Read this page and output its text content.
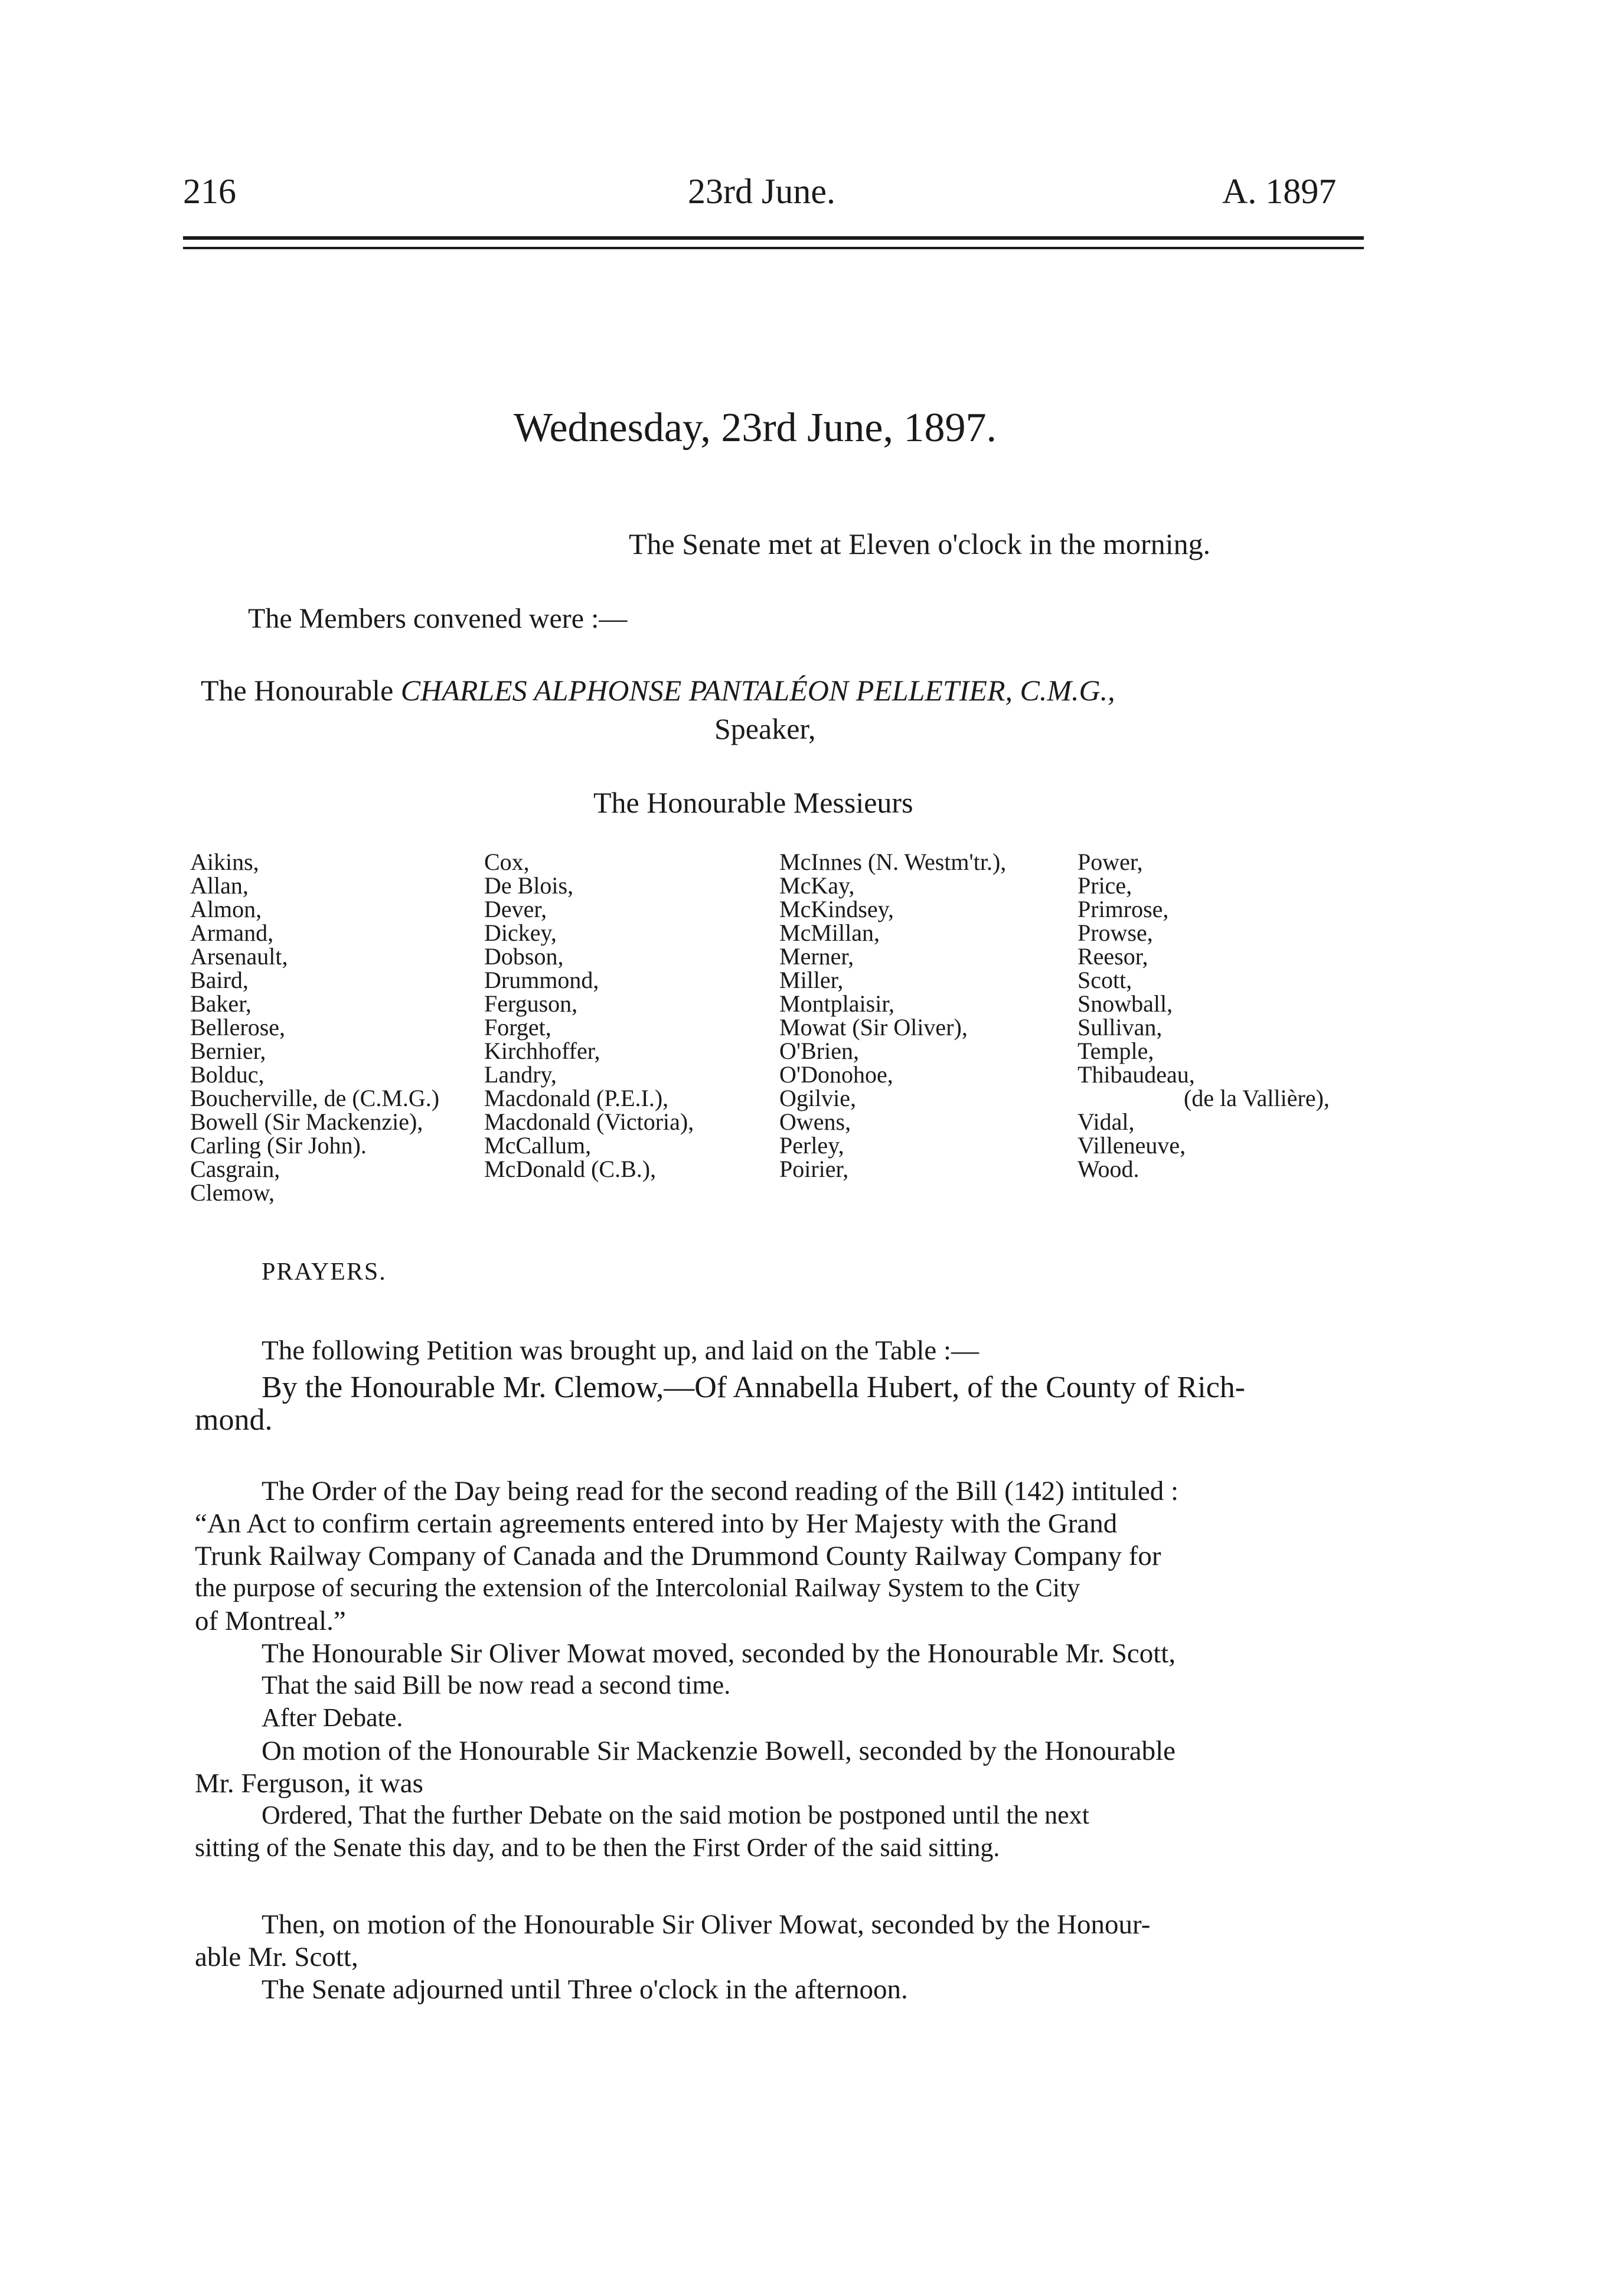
216	23rd June.	A. 1897
Wednesday, 23rd June, 1897.
The Senate met at Eleven o'clock in the morning.
The Members convened were :—
The Honourable CHARLES ALPHONSE PANTALÉON PELLETIER, C.M.G.,
Speaker,
The Honourable Messieurs
Aikins,
Allan,
Almon,
Armand,
Arsenault,
Baird,
Baker,
Bellerose,
Bernier,
Bolduc,
Boucherville, de (C.M.G.)
Bowell (Sir Mackenzie),
Carling (Sir John).
Casgrain,
Clemow,
Cox,
De Blois,
Dever,
Dickey,
Dobson,
Drummond,
Ferguson,
Forget,
Kirchhoffer,
Landry,
Macdonald (P.E.I.),
Macdonald (Victoria),
McCallum,
McDonald (C.B.),
McInnes (N. Westm'tr.),
McKay,
McKindsey,
McMillan,
Merner,
Miller,
Montplaisir,
Mowat (Sir Oliver),
O'Brien,
O'Donohoe,
Ogilvie,
Owens,
Perley,
Poirier,
Power,
Price,
Primrose,
Prowse,
Reesor,
Scott,
Snowball,
Sullivan,
Temple,
Thibaudeau,
(de la Vallière),
Vidal,
Villeneuve,
Wood.
PRAYERS.
The following Petition was brought up, and laid on the Table :—
By the Honourable Mr. Clemow,—Of Annabella Hubert, of the County of Rich-
mond.
The Order of the Day being read for the second reading of the Bill (142) intituled :
“An Act to confirm certain agreements entered into by Her Majesty with the Grand
Trunk Railway Company of Canada and the Drummond County Railway Company for
the purpose of securing the extension of the Intercolonial Railway System to the City
of Montreal.”
The Honourable Sir Oliver Mowat moved, seconded by the Honourable Mr. Scott,
That the said Bill be now read a second time.
After Debate.
On motion of the Honourable Sir Mackenzie Bowell, seconded by the Honourable
Mr. Ferguson, it was
Ordered, That the further Debate on the said motion be postponed until the next
sitting of the Senate this day, and to be then the First Order of the said sitting.
Then, on motion of the Honourable Sir Oliver Mowat, seconded by the Honour-
able Mr. Scott,
The Senate adjourned until Three o'clock in the afternoon.
